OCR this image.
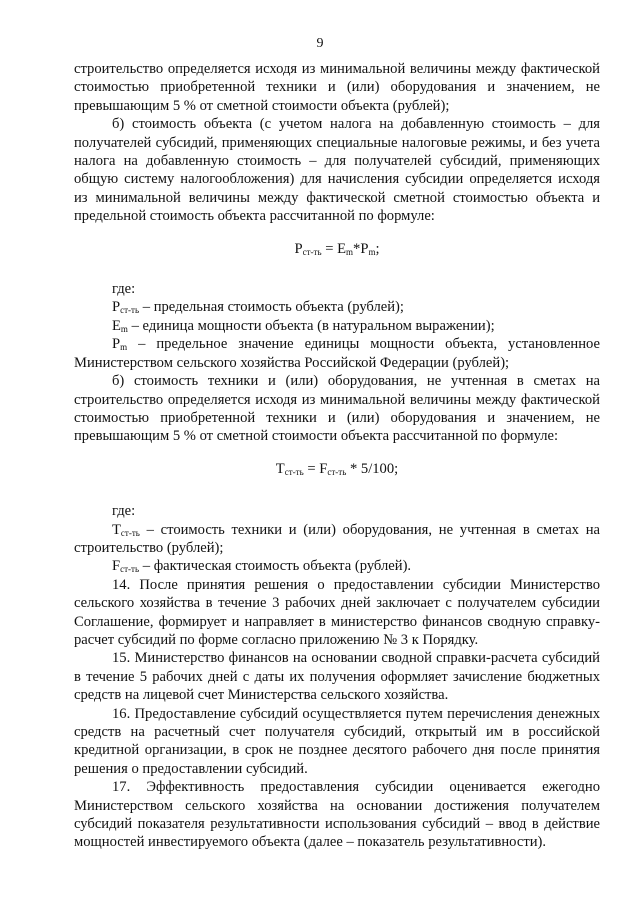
9

строительство определяется исходя из минимальной величины между фактической стоимостью приобретенной техники и (или) оборудования и значением, не превышающим 5 % от сметной стоимости объекта (рублей);

б) стоимость объекта (с учетом налога на добавленную стоимость – для получателей субсидий, применяющих специальные налоговые режимы, и без учета налога на добавленную стоимость – для получателей субсидий, применяющих общую систему налогообложения) для начисления субсидии определяется исходя из минимальной величины между фактической сметной стоимостью объекта и предельной стоимость объекта рассчитанной по формуле:

$P_{ст-ть} = E_m*P_m$;

где:

$P_{ст-ть}$ – предельная стоимость объекта (рублей);

$E_m$ – единица мощности объекта (в натуральном выражении);

$P_m$ – предельное значение единицы мощности объекта, установленное Министерством сельского хозяйства Российской Федерации (рублей);

б) стоимость техники и (или) оборудования, не учтенная в сметах на строительство определяется исходя из минимальной величины между фактической стоимостью приобретенной техники и (или) оборудования и значением, не превышающим 5 % от сметной стоимости объекта рассчитанной по формуле:

$T_{ст-ть} = F_{ст-ть} * 5/100$;

где:

$T_{ст-ть}$ – стоимость техники и (или) оборудования, не учтенная в сметах на строительство (рублей);

$F_{ст-ть}$ – фактическая стоимость объекта (рублей).

14. После принятия решения о предоставлении субсидии Министерство сельского хозяйства в течение 3 рабочих дней заключает с получателем субсидии Соглашение, формирует и направляет в министерство финансов сводную справку-расчет субсидий по форме согласно приложению № 3 к Порядку.

15. Министерство финансов на основании сводной справки-расчета субсидий в течение 5 рабочих дней с даты их получения оформляет зачисление бюджетных средств на лицевой счет Министерства сельского хозяйства.

16. Предоставление субсидий осуществляется путем перечисления денежных средств на расчетный счет получателя субсидий, открытый им в российской кредитной организации, в срок не позднее десятого рабочего дня после принятия решения о предоставлении субсидий.

17. Эффективность предоставления субсидии оценивается ежегодно Министерством сельского хозяйства на основании достижения получателем субсидий показателя результативности использования субсидий – ввод в действие мощностей инвестируемого объекта (далее – показатель результативности).
